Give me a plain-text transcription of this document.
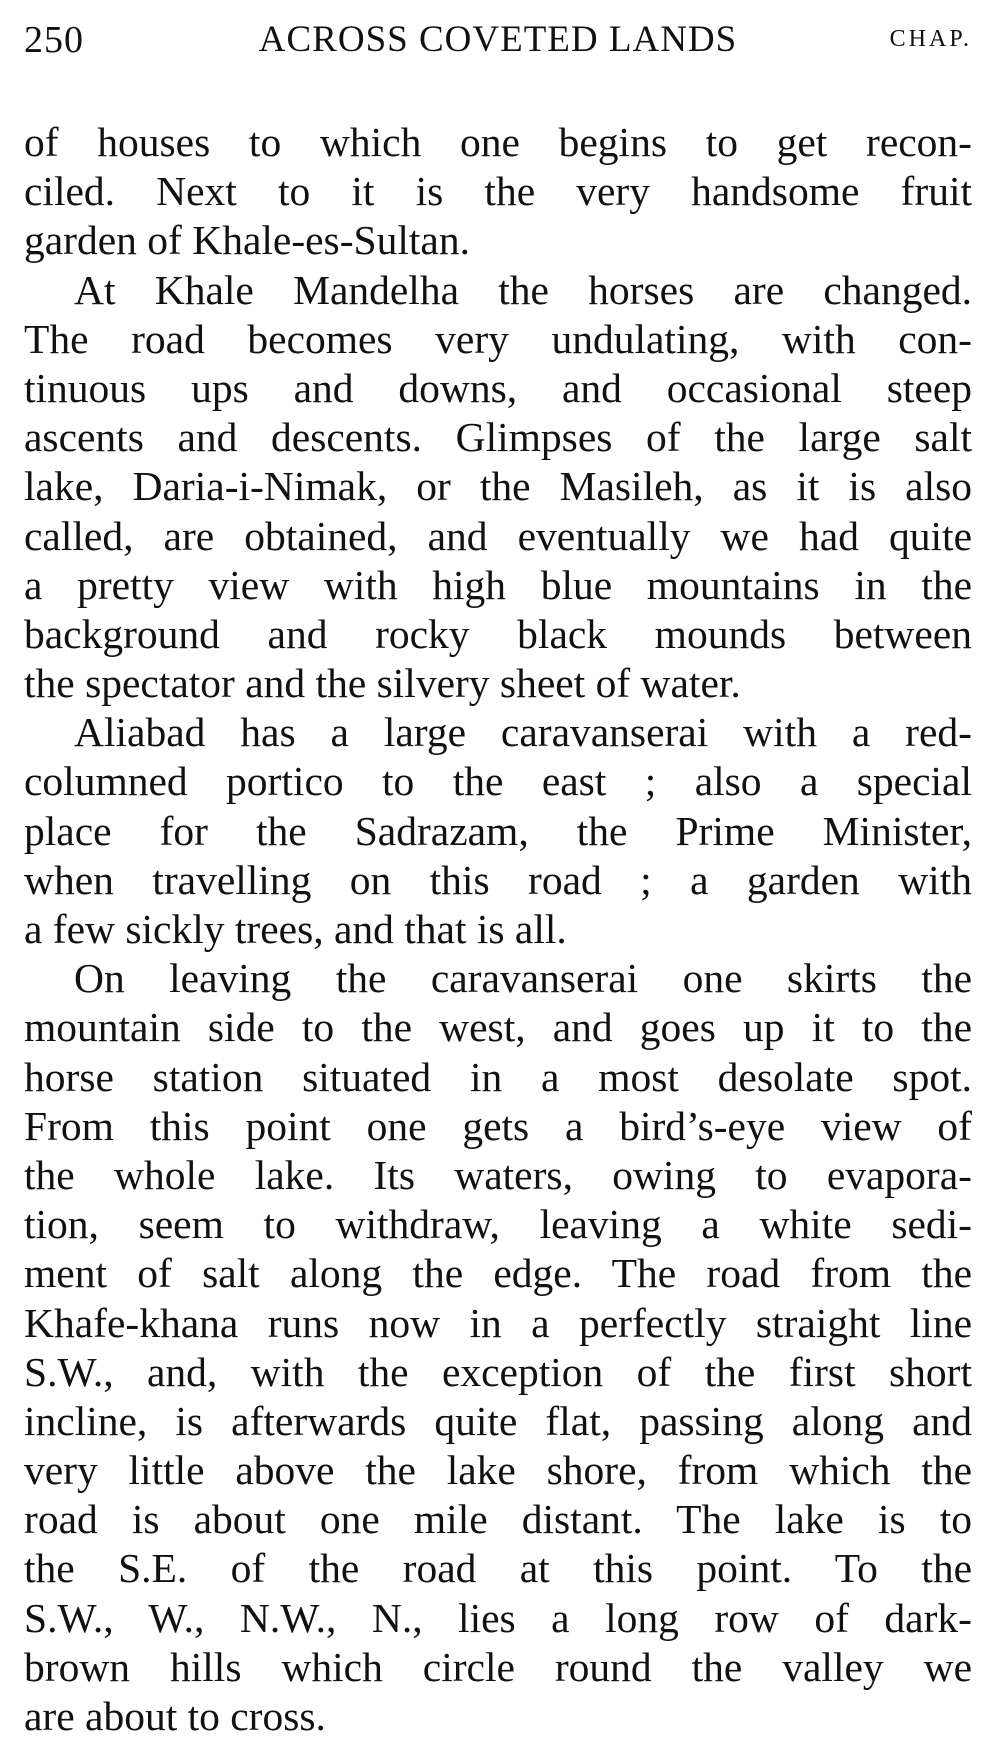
250	ACROSS COVETED LANDS	CHAP.
of houses to which one begins to get recon-
ciled. Next to it is the very handsome fruit
garden of Khale-es-Sultan.
At Khale Mandelha the horses are changed.
The road becomes very undulating, with con-
tinuous ups and downs, and occasional steep
ascents and descents. Glimpses of the large salt
lake, Daria-i-Nimak, or the Masileh, as it is also
called, are obtained, and eventually we had quite
a pretty view with high blue mountains in the
background and rocky black mounds between
the spectator and the silvery sheet of water.
Aliabad has a large caravanserai with a red-
columned portico to the east ; also a special
place for the Sadrazam, the Prime Minister,
when travelling on this road ; a garden with
a few sickly trees, and that is all.
On leaving the caravanserai one skirts the
mountain side to the west, and goes up it to the
horse station situated in a most desolate spot.
From this point one gets a bird’s-eye view of
the whole lake. Its waters, owing to evapora-
tion, seem to withdraw, leaving a white sedi-
ment of salt along the edge. The road from the
Khafe-khana runs now in a perfectly straight line
S.W., and, with the exception of the first short
incline, is afterwards quite flat, passing along and
very little above the lake shore, from which the
road is about one mile distant. The lake is to
the S.E. of the road at this point. To the
S.W., W., N.W., N., lies a long row of dark-
brown hills which circle round the valley we
are about to cross.
